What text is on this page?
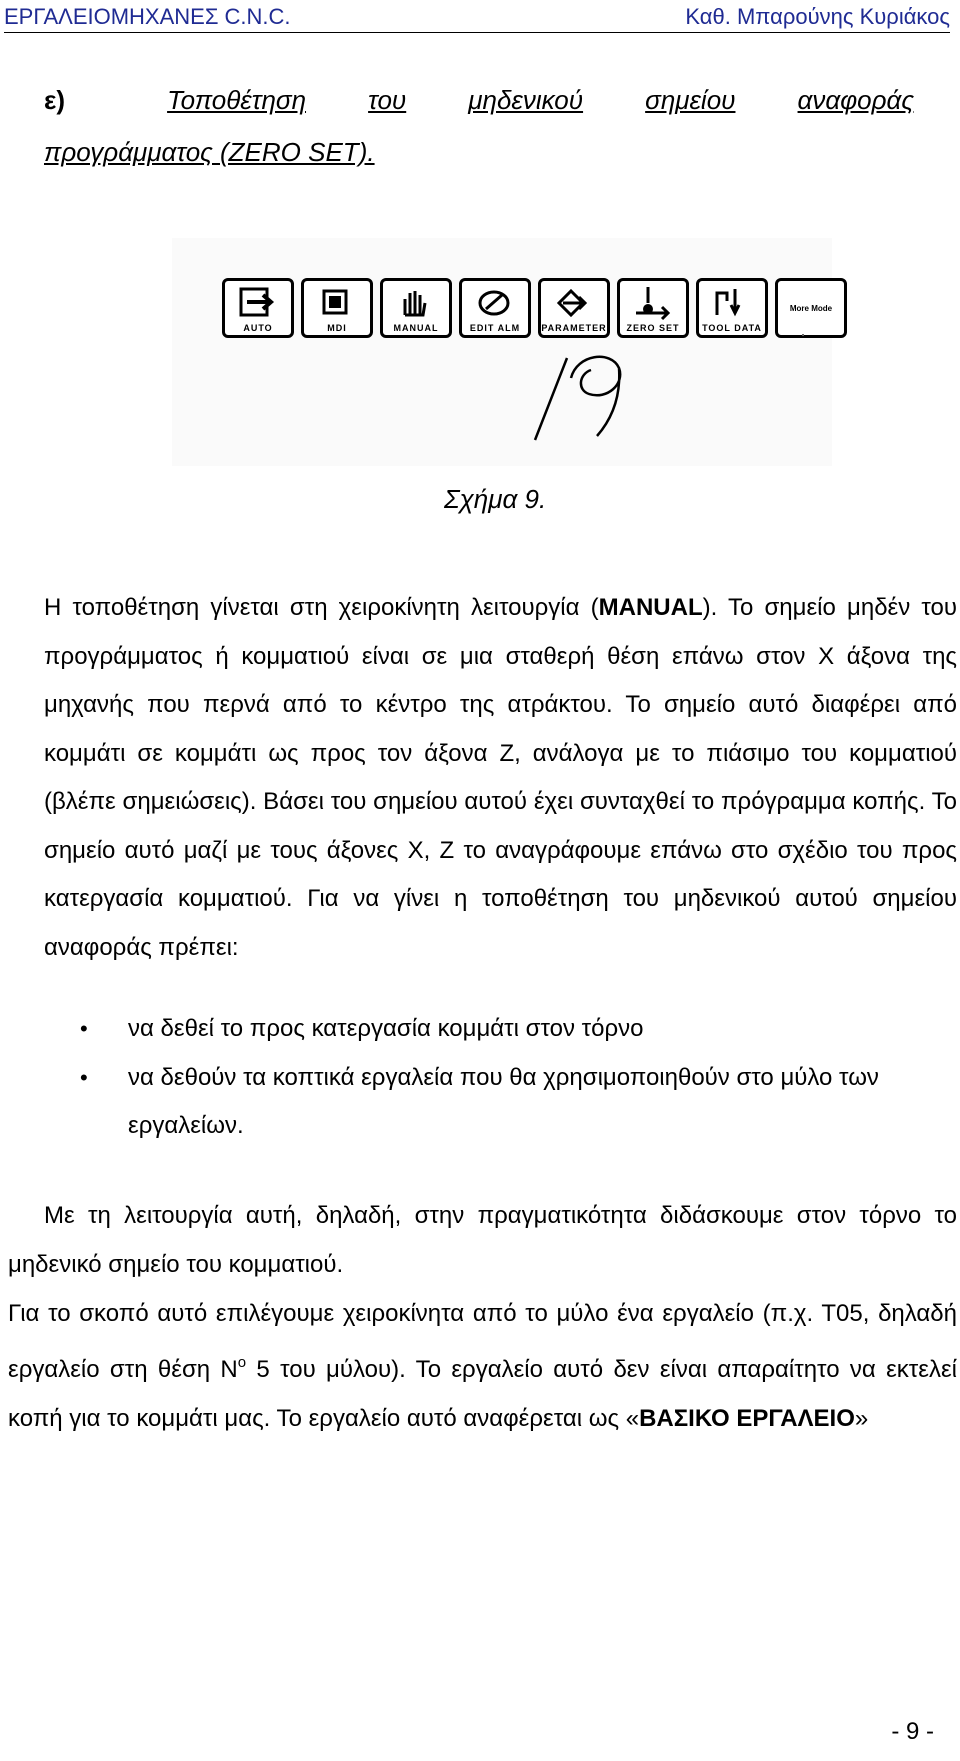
ΕΡΓΑΛΕΙΟΜΗΧΑΝΕΣ C.N.C.	Καθ. Μπαρούνης Κυριάκος
ε)	Τοποθέτηση του μηδενικού σημείου αναφοράς
προγράμματος (ZERO SET).
AUTO	MDI	MANUAL	EDIT ALM	PARAMETER	ZERO SET	TOOL DATA
More Mode
Σχήμα 9.
Η τοποθέτηση γίνεται στη χειροκίνητη λειτουργία (MANUAL). Το σημείο μηδέν του προγράμματος ή κομματιού είναι σε μια σταθερή θέση επάνω στον Χ άξονα της μηχανής που περνά από το κέντρο της ατράκτου. Το σημείο αυτό διαφέρει από κομμάτι σε κομμάτι ως προς τον άξονα Ζ, ανάλογα με το πιάσιμο του κομματιού (βλέπε σημειώσεις). Βάσει του σημείου αυτού έχει συνταχθεί το πρόγραμμα κοπής. Το σημείο αυτό μαζί με τους άξονες Χ, Ζ το αναγράφουμε επάνω στο σχέδιο του προς κατεργασία κομματιού. Για να γίνει η τοποθέτηση του μηδενικού αυτού σημείου αναφοράς πρέπει:
•
να δεθεί το προς κατεργασία κομμάτι στον τόρνο
•
να δεθούν τα κοπτικά εργαλεία που θα χρησιμοποιηθούν στο μύλο των εργαλείων.
Με τη λειτουργία αυτή, δηλαδή, στην πραγματικότητα διδάσκουμε στον τόρνο το μηδενικό σημείο του κομματιού.
Για το σκοπό αυτό επιλέγουμε χειροκίνητα από το μύλο ένα εργαλείο (π.χ. Τ05, δηλαδή εργαλείο στη θέση $N^o$ 5 του μύλου). Το εργαλείο αυτό δεν είναι απαραίτητο να εκτελεί κοπή για το κομμάτι μας. Το εργαλείο αυτό αναφέρεται ως «ΒΑΣΙΚΟ ΕΡΓΑΛΕΙΟ»
- 9 -
